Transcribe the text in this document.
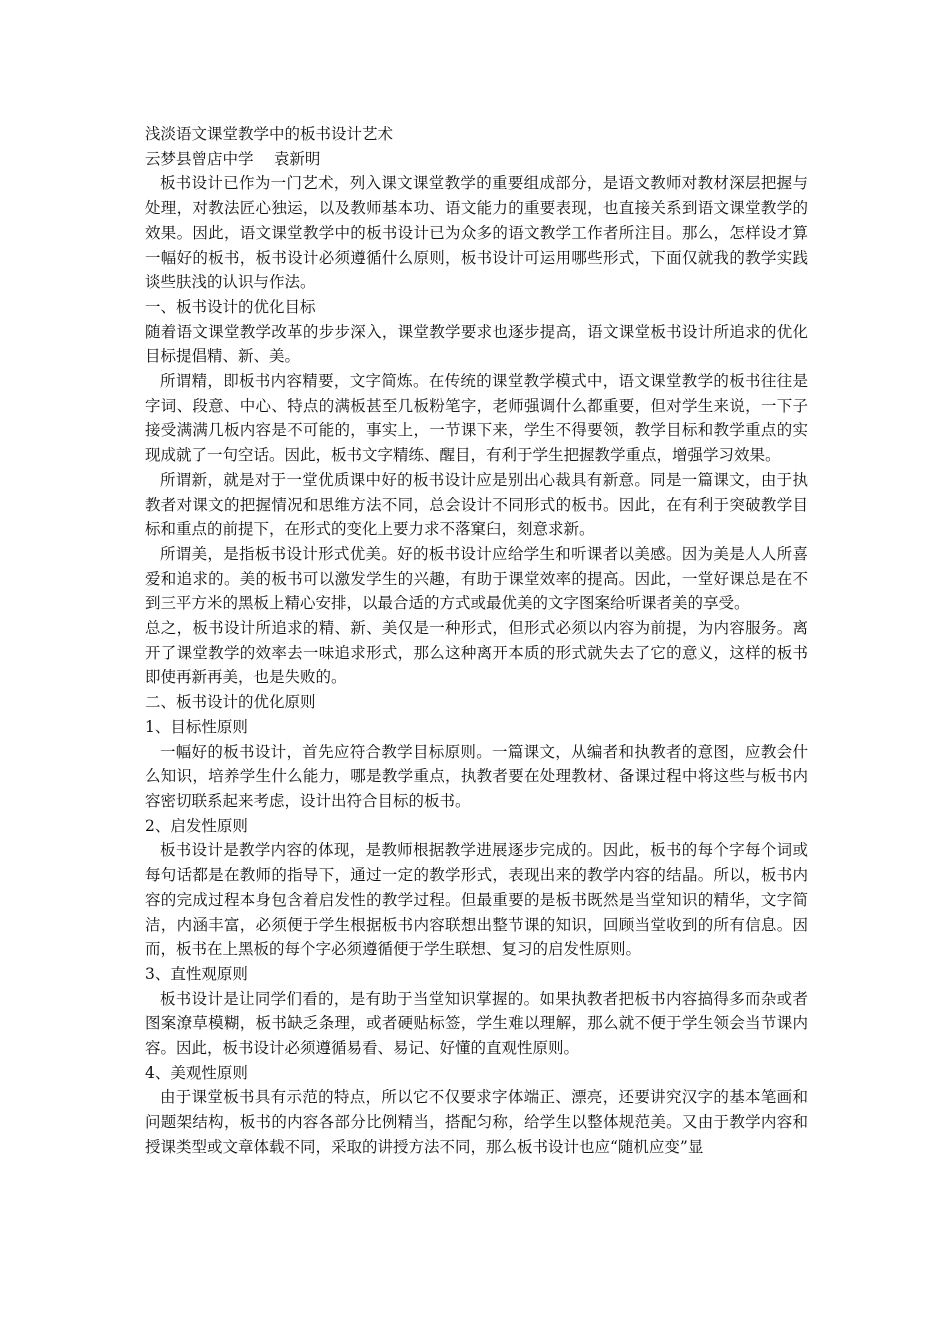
浅淡语文课堂教学中的板书设计艺术
云梦县曾店中学　 袁新明
板书设计已作为一门艺术，列入课文课堂教学的重要组成部分，是语文教师对教材深层把握与处理，对教法匠心独运，以及教师基本功、语文能力的重要表现，也直接关系到语文课堂教学的效果。因此，语文课堂教学中的板书设计已为众多的语文教学工作者所注目。那么，怎样设才算一幅好的板书，板书设计必须遵循什么原则，板书设计可运用哪些形式，下面仅就我的教学实践谈些肤浅的认识与作法。
一、板书设计的优化目标
随着语文课堂教学改革的步步深入，课堂教学要求也逐步提高，语文课堂板书设计所追求的优化目标提倡精、新、美。
所谓精，即板书内容精要，文字简炼。在传统的课堂教学模式中，语文课堂教学的板书往往是字词、段意、中心、特点的满板甚至几板粉笔字，老师强调什么都重要，但对学生来说，一下子接受满满几板内容是不可能的，事实上，一节课下来，学生不得要领，教学目标和教学重点的实现成就了一句空话。因此，板书文字精练、醒目，有利于学生把握教学重点，增强学习效果。
所谓新，就是对于一堂优质课中好的板书设计应是别出心裁具有新意。同是一篇课文，由于执教者对课文的把握情况和思维方法不同，总会设计不同形式的板书。因此，在有利于突破教学目标和重点的前提下，在形式的变化上要力求不落窠臼，刻意求新。
所谓美，是指板书设计形式优美。好的板书设计应给学生和听课者以美感。因为美是人人所喜爱和追求的。美的板书可以激发学生的兴趣，有助于课堂效率的提高。因此，一堂好课总是在不到三平方米的黑板上精心安排，以最合适的方式或最优美的文字图案给听课者美的享受。
总之，板书设计所追求的精、新、美仅是一种形式，但形式必须以内容为前提，为内容服务。离开了课堂教学的效率去一味追求形式，那么这种离开本质的形式就失去了它的意义，这样的板书即使再新再美，也是失败的。
二、板书设计的优化原则
1、目标性原则
一幅好的板书设计，首先应符合教学目标原则。一篇课文，从编者和执教者的意图，应教会什么知识，培养学生什么能力，哪是教学重点，执教者要在处理教材、备课过程中将这些与板书内容密切联系起来考虑，设计出符合目标的板书。
2、启发性原则
板书设计是教学内容的体现，是教师根据教学进展逐步完成的。因此，板书的每个字每个词或每句话都是在教师的指导下，通过一定的教学形式，表现出来的教学内容的结晶。所以，板书内容的完成过程本身包含着启发性的教学过程。但最重要的是板书既然是当堂知识的精华，文字简洁，内涵丰富，必须便于学生根据板书内容联想出整节课的知识，回顾当堂收到的所有信息。因而，板书在上黑板的每个字必须遵循便于学生联想、复习的启发性原则。
3、直性观原则
板书设计是让同学们看的，是有助于当堂知识掌握的。如果执教者把板书内容搞得多而杂或者图案潦草模糊，板书缺乏条理，或者硬贴标签，学生难以理解，那么就不便于学生领会当节课内容。因此，板书设计必须遵循易看、易记、好懂的直观性原则。
4、美观性原则
由于课堂板书具有示范的特点，所以它不仅要求字体端正、漂亮，还要讲究汉字的基本笔画和问题架结构，板书的内容各部分比例精当，搭配匀称，给学生以整体规范美。又由于教学内容和授课类型或文章体载不同，采取的讲授方法不同，那么板书设计也应“随机应变”显
